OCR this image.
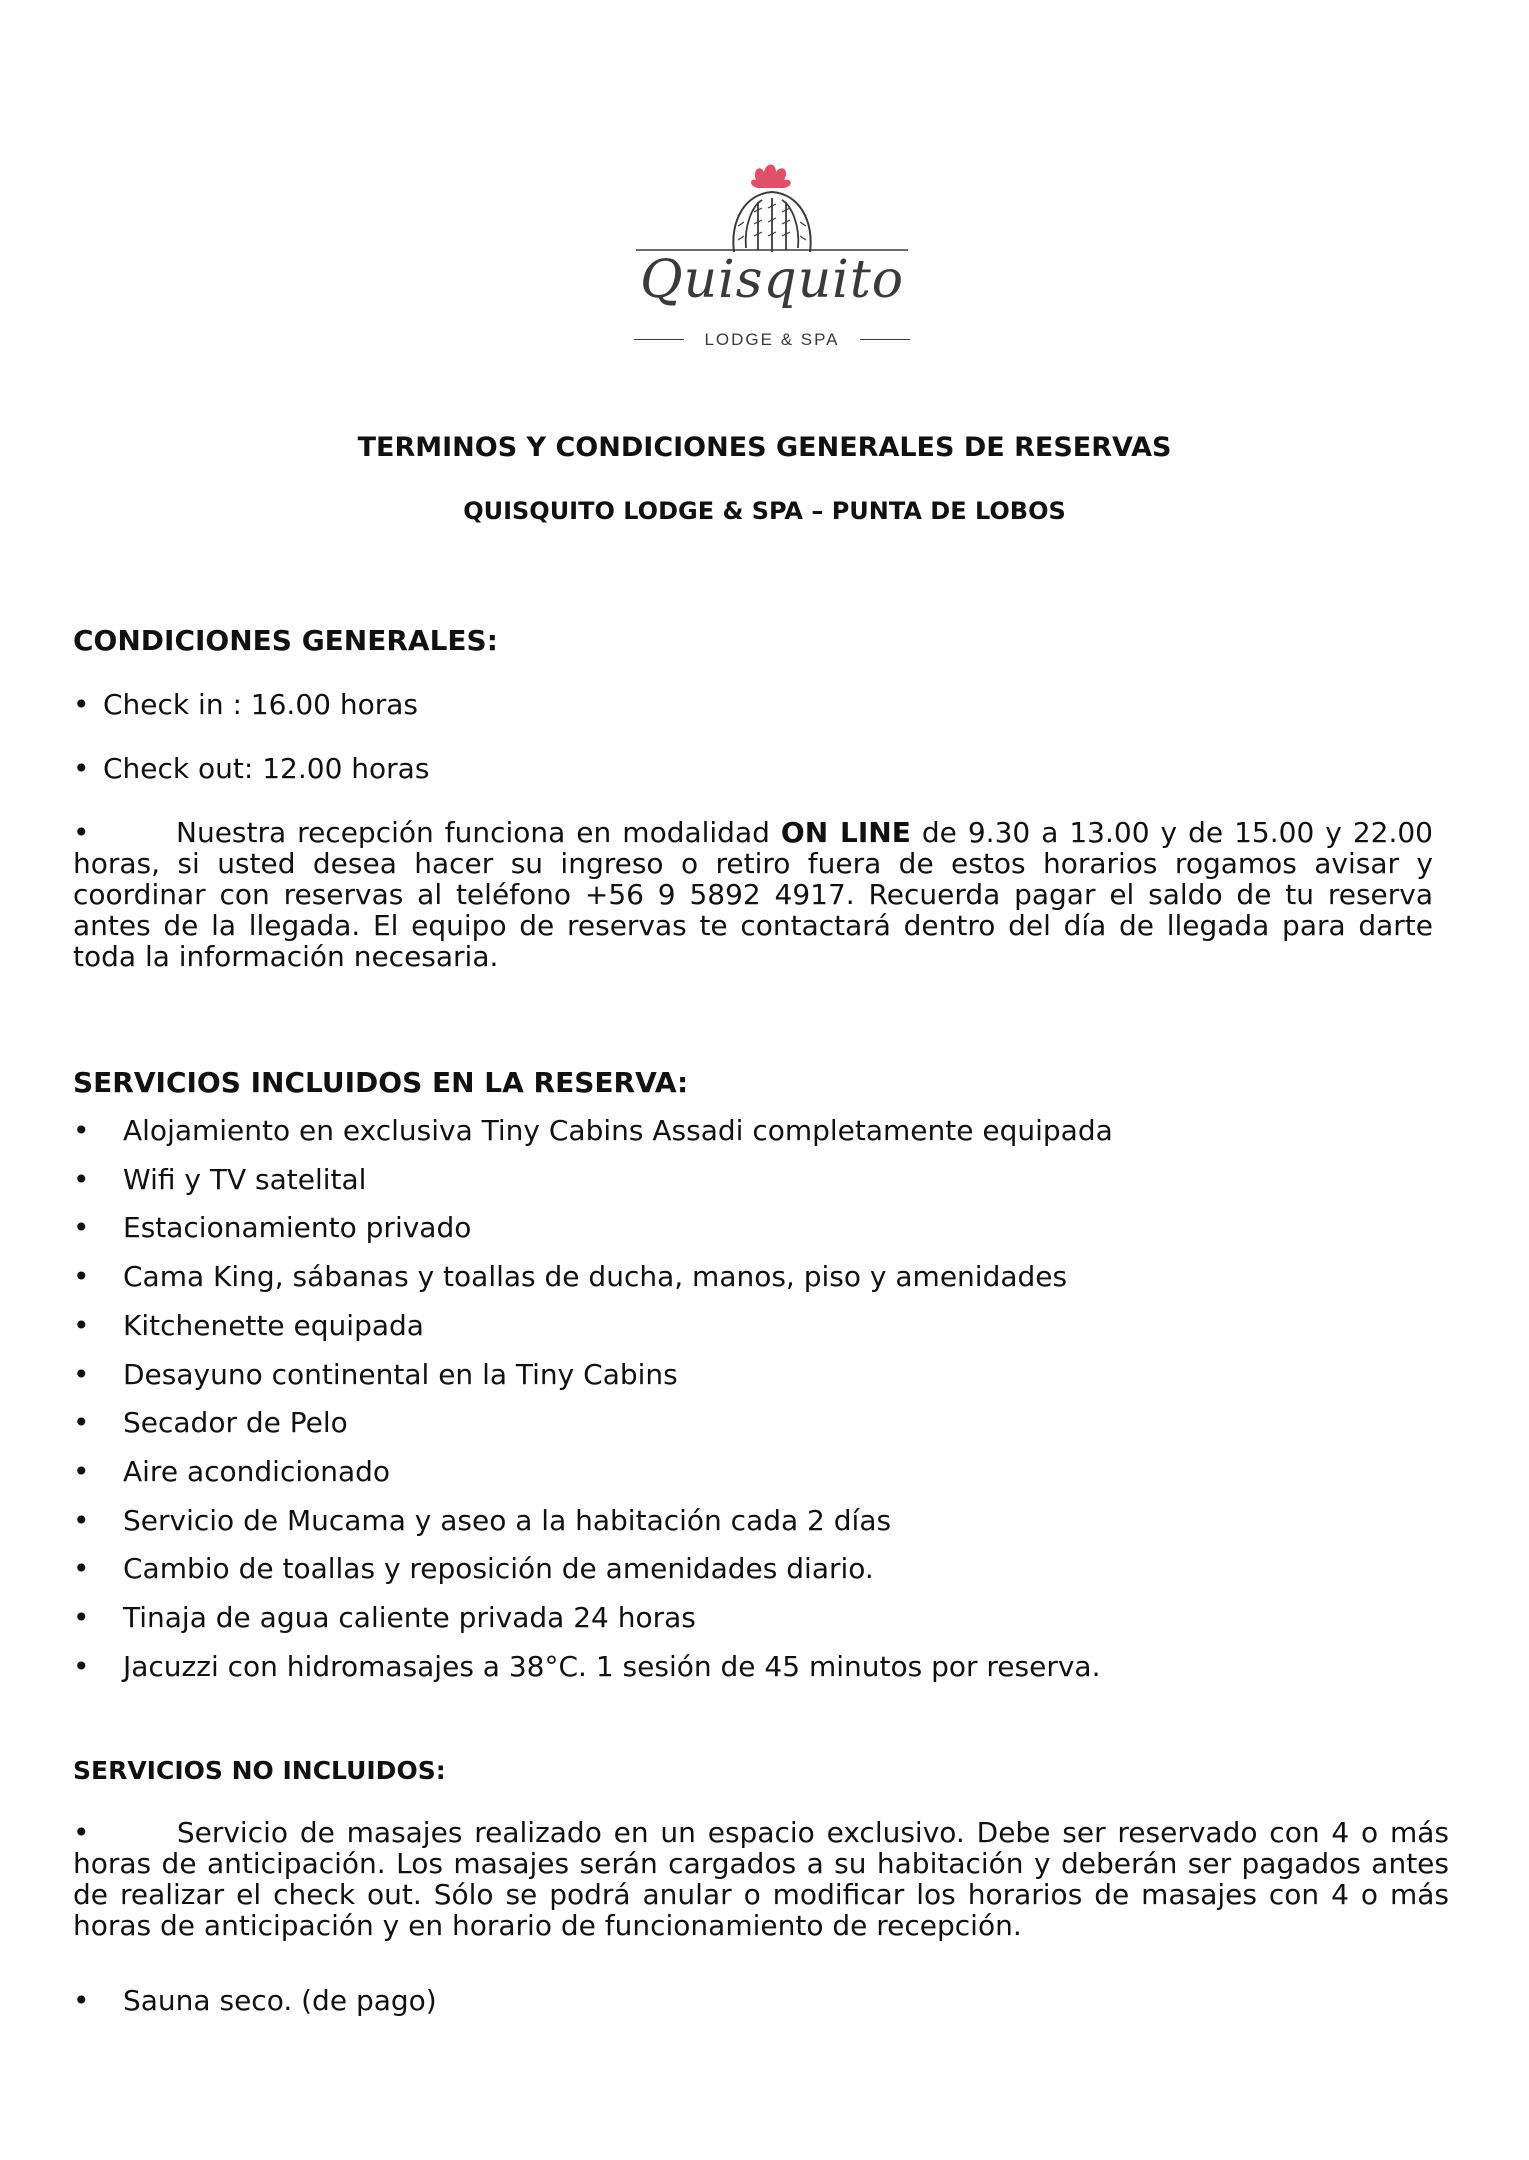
Quisquito
LODGE & SPA
TERMINOS Y CONDICIONES GENERALES DE RESERVAS
QUISQUITO LODGE & SPA – PUNTA DE LOBOS
CONDICIONES GENERALES:
• Check in : 16.00 horas
• Check out: 12.00 horas
•	Nuestra recepción funciona en modalidad ON LINE de 9.30 a 13.00 y de 15.00 y 22.00 horas, si usted desea hacer su ingreso o retiro fuera de estos horarios rogamos avisar y coordinar con reservas al teléfono +56 9 5892 4917. Recuerda pagar el saldo de tu reserva antes de la llegada. El equipo de reservas te contactará dentro del día de llegada para darte toda la información necesaria.
SERVICIOS INCLUIDOS EN LA RESERVA:
• Alojamiento en exclusiva Tiny Cabins Assadi completamente equipada
• Wifi y TV satelital
• Estacionamiento privado
• Cama King, sábanas y toallas de ducha, manos, piso y amenidades
• Kitchenette equipada
• Desayuno continental en la Tiny Cabins
• Secador de Pelo
• Aire acondicionado
• Servicio de Mucama y aseo a la habitación cada 2 días
• Cambio de toallas y reposición de amenidades diario.
• Tinaja de agua caliente privada 24 horas
• Jacuzzi con hidromasajes a 38°C. 1 sesión de 45 minutos por reserva.
SERVICIOS NO INCLUIDOS:
•	Servicio de masajes realizado en un espacio exclusivo. Debe ser reservado con 4 o más horas de anticipación. Los masajes serán cargados a su habitación y deberán ser pagados antes de realizar el check out. Sólo se podrá anular o modificar los horarios de masajes con 4 o más horas de anticipación y en horario de funcionamiento de recepción.
• Sauna seco. (de pago)
